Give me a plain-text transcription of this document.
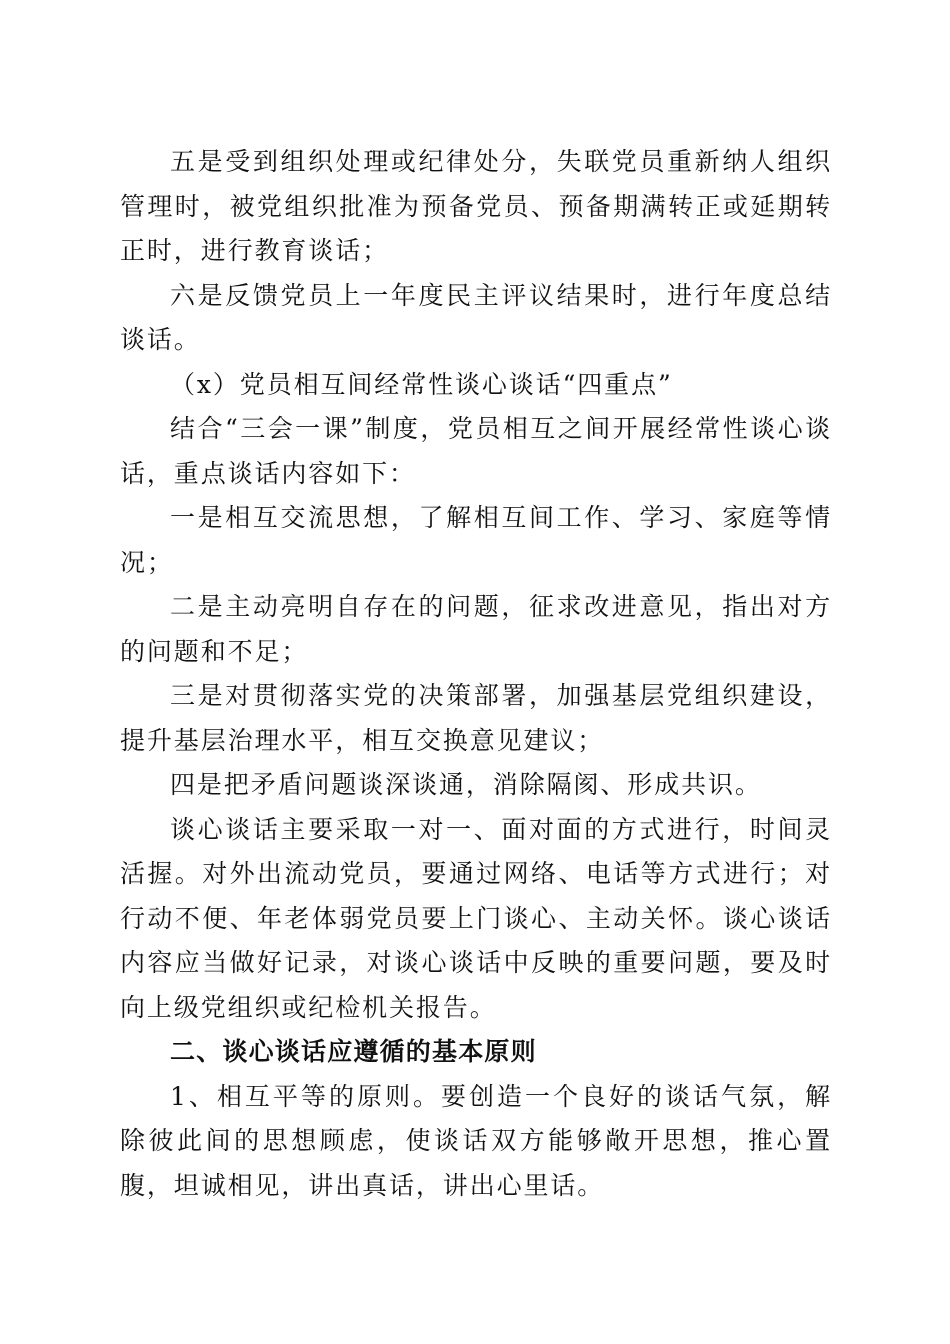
五是受到组织处理或纪律处分，失联党员重新纳人组织管理时，被党组织批准为预备党员、预备期满转正或延期转正时，进行教育谈话；

六是反馈党员上一年度民主评议结果时，进行年度总结谈话。

（x）党员相互间经常性谈心谈话“四重点”

结合“三会一课”制度，党员相互之间开展经常性谈心谈话，重点谈话内容如下：

一是相互交流思想，了解相互间工作、学习、家庭等情况；

二是主动亮明自存在的问题，征求改进意见，指出对方的问题和不足；

三是对贯彻落实党的决策部署，加强基层党组织建设，提升基层治理水平，相互交换意见建议；

四是把矛盾问题谈深谈通，消除隔阂、形成共识。

谈心谈话主要采取一对一、面对面的方式进行，时间灵活握。对外出流动党员，要通过网络、电话等方式进行；对行动不便、年老体弱党员要上门谈心、主动关怀。谈心谈话内容应当做好记录，对谈心谈话中反映的重要问题，要及时向上级党组织或纪检机关报告。

二、谈心谈话应遵循的基本原则

1、相互平等的原则。要创造一个良好的谈话气氛，解除彼此间的思想顾虑，使谈话双方能够敞开思想，推心置腹，坦诚相见，讲出真话，讲出心里话。
